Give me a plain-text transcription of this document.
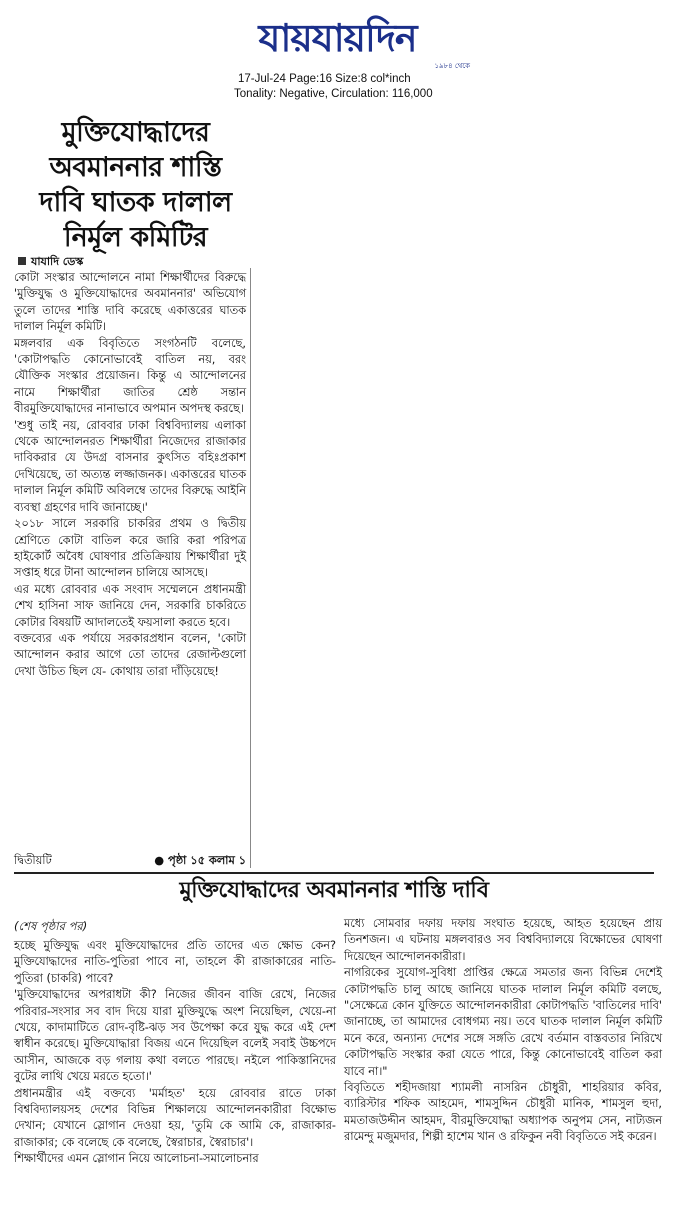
যায়যায়দিন
১৯৮৪ থেকে
17-Jul-24 Page:16 Size:8 col*inch
Tonality: Negative, Circulation: 116,000
মুক্তিযোদ্ধাদের
অবমাননার শাস্তি
দাবি ঘাতক দালাল
নির্মূল কমিটির
যাযাদি ডেস্ক

কোটা সংস্কার আন্দোলনে নামা শিক্ষার্থীদের বিরুদ্ধে 'মুক্তিযুদ্ধ ও মুক্তিযোদ্ধাদের অবমাননার' অভিযোগ তুলে তাদের শাস্তি দাবি করেছে একাত্তরের ঘাতক দালাল নির্মূল কমিটি।

মঙ্গলবার এক বিবৃতিতে সংগঠনটি বলেছে, 'কোটাপদ্ধতি কোনোভাবেই বাতিল নয়, বরং যৌক্তিক সংস্কার প্রয়োজন। কিন্তু এ আন্দোলনের নামে শিক্ষার্থীরা জাতির শ্রেষ্ঠ সন্তান বীরমুক্তিযোদ্ধাদের নানাভাবে অপমান অপদস্থ করছে।

'শুধু তাই নয়, রোববার ঢাকা বিশ্ববিদ্যালয় এলাকা থেকে আন্দোলনরত শিক্ষার্থীরা নিজেদের রাজাকার দাবিকরার যে উদগ্র বাসনার কুৎসিত বহিঃপ্রকাশ দেখিয়েছে, তা অত্যন্ত লজ্জাজনক। একাত্তরের ঘাতক দালাল নির্মূল কমিটি অবিলম্বে তাদের বিরুদ্ধে আইনি ব্যবস্থা গ্রহণের দাবি জানাচ্ছে।'

২০১৮ সালে সরকারি চাকরির প্রথম ও দ্বিতীয় শ্রেণিতে কোটা বাতিল করে জারি করা পরিপত্র হাইকোর্ট অবৈধ ঘোষণার প্রতিক্রিয়ায় শিক্ষার্থীরা দুই সপ্তাহ ধরে টানা আন্দোলন চালিয়ে আসছে।

এর মধ্যে রোববার এক সংবাদ সম্মেলনে প্রধানমন্ত্রী শেখ হাসিনা সাফ জানিয়ে দেন, সরকারি চাকরিতে কোটার বিষয়টি আদালতেই ফয়সালা করতে হবে।

বক্তব্যের এক পর্যায়ে সরকারপ্রধান বলেন, 'কোটা আন্দোলন করার আগে তো তাদের রেজাল্টগুলো দেখা উচিত ছিল যে- কোথায় তারা দাঁড়িয়েছে!

দ্বিতীয়টি	● পৃষ্ঠা ১৫ কলাম ১
মুক্তিযোদ্ধাদের অবমাননার শাস্তি দাবি
(শেষ পৃষ্ঠার পর)

হচ্ছে মুক্তিযুদ্ধ এবং মুক্তিযোদ্ধাদের প্রতি তাদের এত ক্ষোভ কেন? মুক্তিযোদ্ধাদের নাতি-পুতিরা পাবে না, তাহলে কী রাজাকারের নাতি-পুতিরা (চাকরি) পাবে?

'মুক্তিযোদ্ধাদের অপরাধটা কী? নিজের জীবন বাজি রেখে, নিজের পরিবার-সংসার সব বাদ দিয়ে যারা মুক্তিযুদ্ধে অংশ নিয়েছিল, খেয়ে-না খেয়ে, কাদামাটিতে রোদ-বৃষ্টি-ঝড় সব উপেক্ষা করে যুদ্ধ করে এই দেশ স্বাধীন করেছে। মুক্তিযোদ্ধারা বিজয় এনে দিয়েছিল বলেই সবাই উচ্চপদে আসীন, আজকে বড় গলায় কথা বলতে পারছে। নইলে পাকিস্তানিদের বুটের লাথি খেয়ে মরতে হতো।'

প্রধানমন্ত্রীর এই বক্তব্যে 'মর্মাহত' হয়ে রোববার রাতে ঢাকা বিশ্ববিদ্যালয়সহ দেশের বিভিন্ন শিক্ষালয়ে আন্দোলনকারীরা বিক্ষোভ দেখান; যেখানে স্লোগান দেওয়া হয়, 'তুমি কে আমি কে, রাজাকার-রাজাকার; কে বলেছে কে বলেছে, স্বৈরাচার, স্বৈরাচার'।

শিক্ষার্থীদের এমন স্লোগান নিয়ে আলোচনা-সমালোচনার

মধ্যে সোমবার দফায় দফায় সংঘাত হয়েছে, আহত হয়েছেন প্রায় তিনশজন। এ ঘটনায় মঙ্গলবারও সব বিশ্ববিদ্যালয়ে বিক্ষোভের ঘোষণা দিয়েছেন আন্দোলনকারীরা।

নাগরিকের সুযোগ-সুবিধা প্রাপ্তির ক্ষেত্রে সমতার জন্য বিভিন্ন দেশেই কোটাপদ্ধতি চালু আছে জানিয়ে ঘাতক দালাল নির্মূল কমিটি বলছে, "সেক্ষেত্রে কোন যুক্তিতে আন্দোলনকারীরা কোটাপদ্ধতি 'বাতিলের দাবি' জানাচ্ছে, তা আমাদের বোধগম্য নয়। তবে ঘাতক দালাল নির্মূল কমিটি মনে করে, অন্যান্য দেশের সঙ্গে সঙ্গতি রেখে বর্তমান বাস্তবতার নিরিখে কোটাপদ্ধতি সংস্কার করা যেতে পারে, কিন্তু কোনোভাবেই বাতিল করা যাবে না।"

বিবৃতিতে শহীদজায়া শ্যামলী নাসরিন চৌধুরী, শাহরিয়ার কবির, ব্যারিস্টার শফিক আহমেদ, শামসুদ্দিন চৌধুরী মানিক, শামসুল হুদা, মমতাজউদ্দীন আহমদ, বীরমুক্তিযোদ্ধা অধ্যাপক অনুপম সেন, নাট্যজন রামেন্দু মজুমদার, শিল্পী হাশেম খান ও রফিকুন নবী বিবৃতিতে সই করেন।
